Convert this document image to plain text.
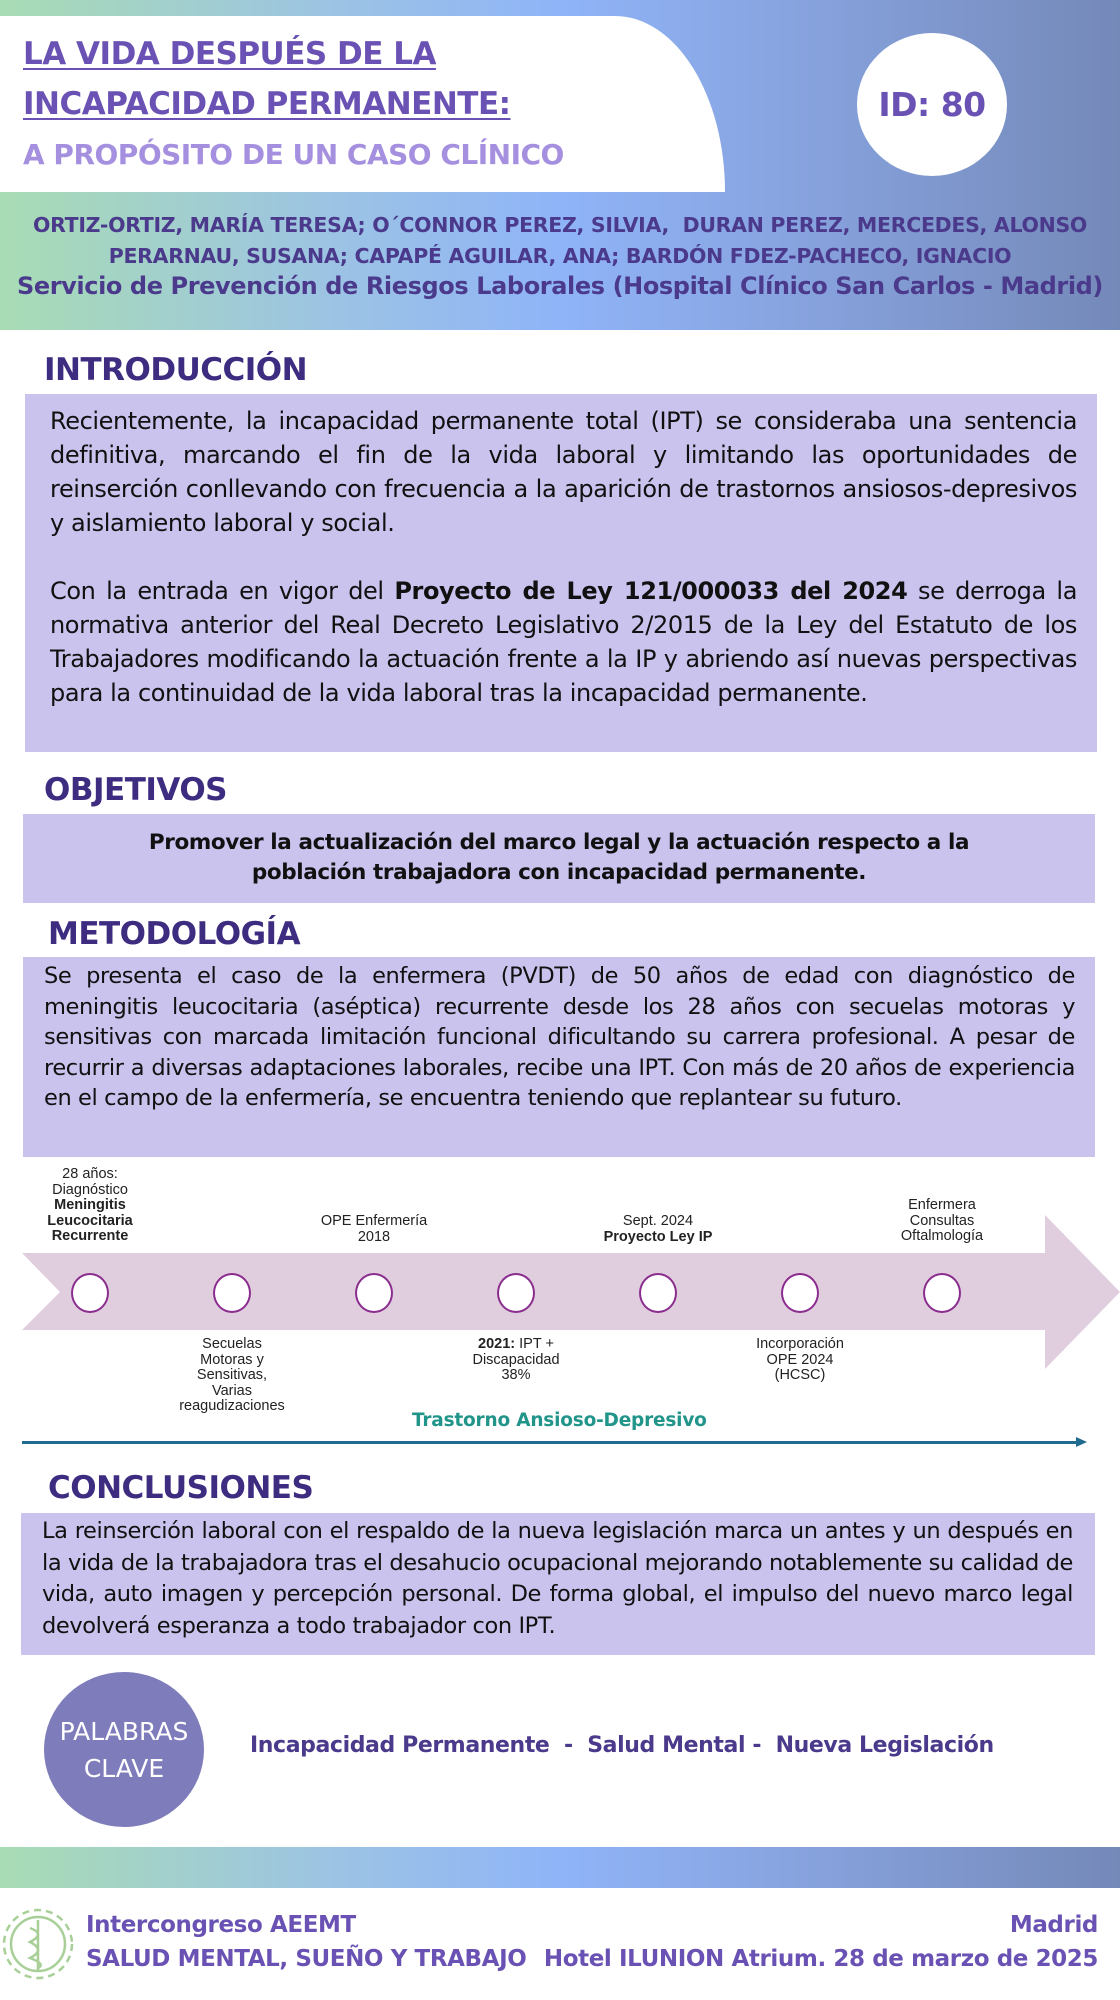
LA VIDA DESPUÉS DE LA
INCAPACIDAD PERMANENTE:
A PROPÓSITO DE UN CASO CLÍNICO
ID: 80
ORTIZ-ORTIZ, MARÍA TERESA; O´CONNOR PEREZ, SILVIA,  DURAN PEREZ, MERCEDES, ALONSO
PERARNAU, SUSANA; CAPAPÉ AGUILAR, ANA; BARDÓN FDEZ-PACHECO, IGNACIO
Servicio de Prevención de Riesgos Laborales (Hospital Clínico San Carlos - Madrid)
INTRODUCCIÓN

Recientemente, la incapacidad permanente total (IPT) se consideraba una sentencia definitiva, marcando el fin de la vida laboral y limitando las oportunidades de reinserción conllevando con frecuencia a la aparición de trastornos ansiosos-depresivos y aislamiento laboral y social.

Con la entrada en vigor del Proyecto de Ley 121/000033 del 2024 se derroga la normativa anterior del Real Decreto Legislativo 2/2015 de la Ley del Estatuto de los Trabajadores modificando la actuación frente a la IP y abriendo así nuevas perspectivas para la continuidad de la vida laboral tras la incapacidad permanente.

OBJETIVOS
Promover la actualización del marco legal y la actuación respecto a la
población trabajadora con incapacidad permanente.
METODOLOGÍA

Se presenta el caso de la enfermera (PVDT) de 50 años de edad con diagnóstico de meningitis leucocitaria (aséptica) recurrente desde los 28 años con secuelas motoras y sensitivas con marcada limitación funcional dificultando su carrera profesional. A pesar de recurrir a diversas adaptaciones laborales, recibe una IPT. Con más de 20 años de experiencia en el campo de la enfermería, se encuentra teniendo que replantear su futuro.

28 años:
Diagnóstico
Meningitis
Leucocitaria
Recurrente
Secuelas
Motoras y
Sensitivas,
Varias
reagudizaciones
OPE Enfermería
2018
2021: IPT +
Discapacidad
38%
Sept. 2024
Proyecto Ley IP
Incorporación
OPE 2024
(HCSC)
Enfermera
Consultas
Oftalmología
Trastorno Ansioso-Depresivo
CONCLUSIONES

La reinserción laboral con el respaldo de la nueva legislación marca un antes y un después en la vida de la trabajadora tras el desahucio ocupacional mejorando notablemente su calidad de vida, auto imagen y percepción personal. De forma global, el impulso del nuevo marco legal devolverá esperanza a todo trabajador con IPT.

PALABRAS
CLAVE
Incapacidad Permanente  -  Salud Mental -  Nueva Legislación
Intercongreso AEEMT
SALUD MENTAL, SUEÑO Y TRABAJO
Madrid
Hotel ILUNION Atrium. 28 de marzo de 2025
